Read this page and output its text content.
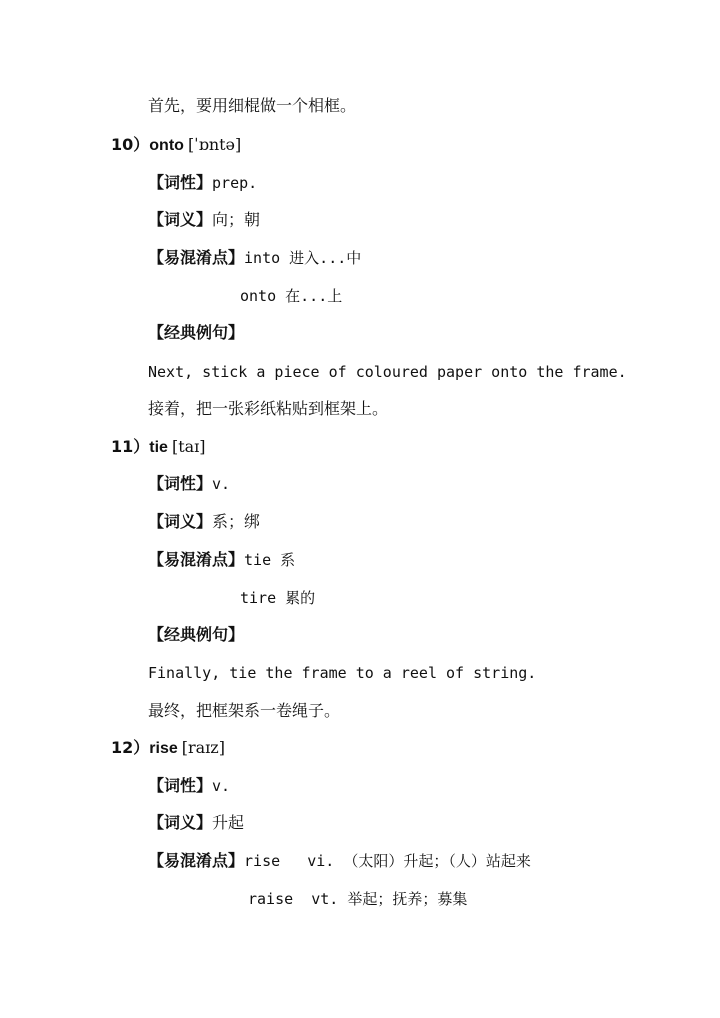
首先，要用细棍做一个相框。
10）onto [ˈɒntə]
【词性】prep.
【词义】向；朝
【易混淆点】into 进入...中
onto 在...上
【经典例句】
Next, stick a piece of coloured paper onto the frame.
接着，把一张彩纸粘贴到框架上。
11）tie [taɪ]
【词性】v.
【词义】系；绑
【易混淆点】tie 系
tire 累的
【经典例句】
Finally, tie the frame to a reel of string.
最终，把框架系一卷绳子。
12）rise [raɪz]
【词性】v.
【词义】升起
【易混淆点】rise   vi. （太阳）升起；（人）站起来
raise  vt. 举起；抚养；募集
